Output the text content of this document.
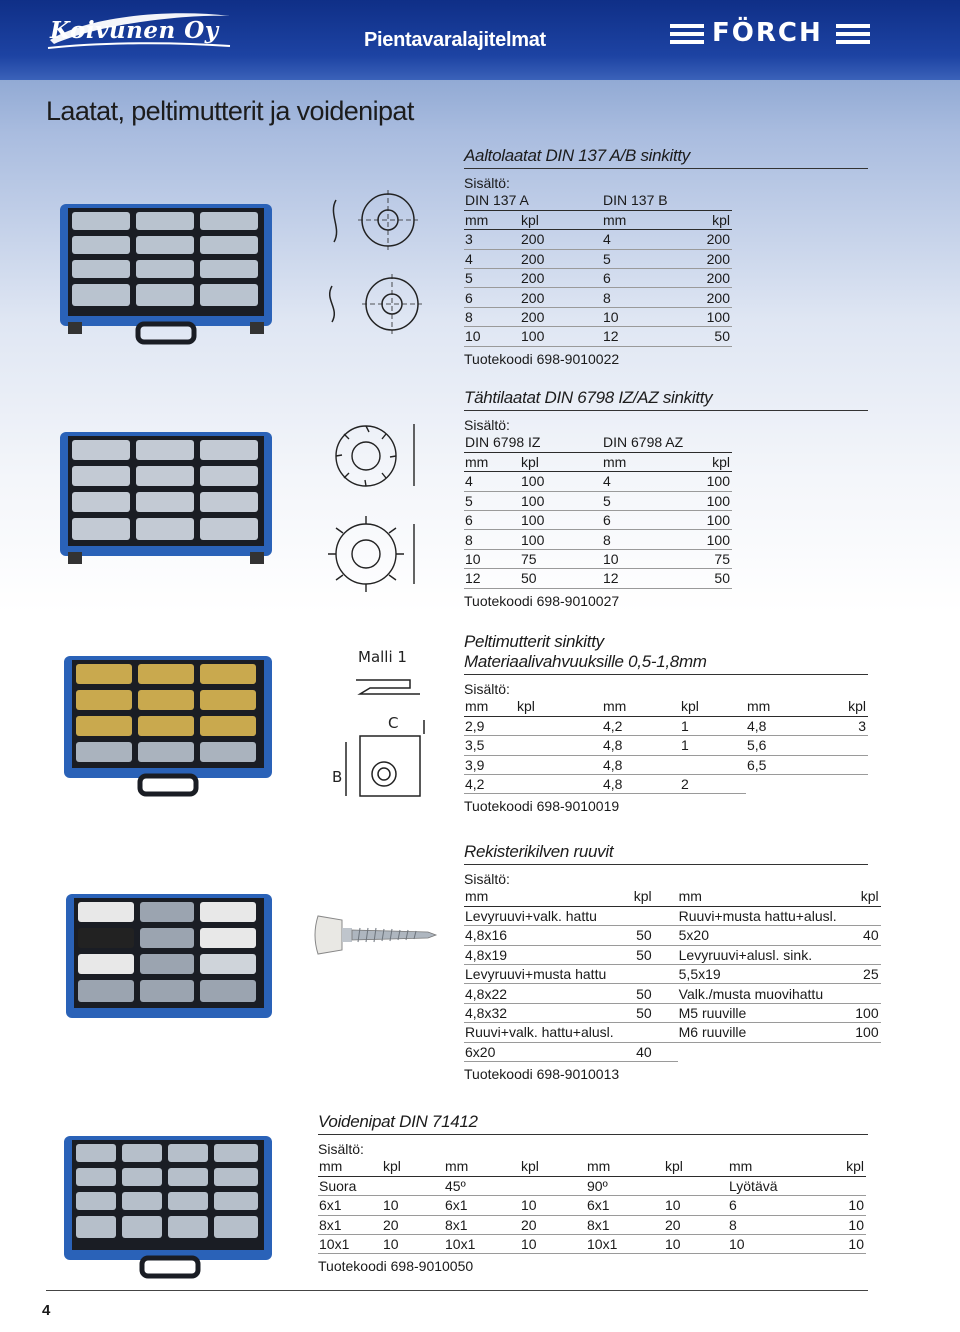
Koivunen Oy	Pientavaralajitelmat	FÖRCH
Laatat, peltimutterit ja voidenipat
Malli 1
C
B
Aaltolaatat DIN 137 A/B sinkitty
Sisältö:
DIN 137 A		DIN 137 B	
mm	kpl	mm	kpl
3	200	4	200
4	200	5	200
5	200	6	200
6	200	8	200
8	200	10	100
10	100	12	50
Tuotekoodi 698-9010022
Tähtilaatat DIN 6798 IZ/AZ sinkitty
Sisältö:
DIN 6798 IZ		DIN 6798 AZ	
mm	kpl	mm	kpl
4	100	4	100
5	100	5	100
6	100	6	100
8	100	8	100
10	75	10	75
12	50	12	50
Tuotekoodi 698-9010027
Peltimutterit sinkitty
Materiaalivahvuuksille 0,5-1,8mm
Sisältö:
mm	kpl	mm	kpl	mm	kpl
2,9		4,2	1	4,8	3
3,5		4,8	1	5,6	
3,9		4,8		6,5	
4,2		4,8	2		
Tuotekoodi 698-9010019
Rekisterikilven ruuvit
Sisältö:
mm	kpl	mm	kpl
Levyruuvi+valk. hattu		Ruuvi+musta hattu+alusl.	
4,8x16	50	5x20	40
4,8x19	50	Levyruuvi+alusl. sink.	
Levyruuvi+musta hattu		5,5x19	25
4,8x22	50	Valk./musta muovihattu	
4,8x32	50	M5 ruuville	100
Ruuvi+valk. hattu+alusl.		M6 ruuville	100
6x20	40		
Tuotekoodi 698-9010013
Voidenipat DIN 71412
Sisältö:
mm	kpl	mm	kpl	mm	kpl	mm	kpl
Suora		45º		90º		Lyötävä	
6x1	10	6x1	10	6x1	10	6	10
8x1	20	8x1	20	8x1	20	8	10
10x1	10	10x1	10	10x1	10	10	10
Tuotekoodi 698-9010050
4
